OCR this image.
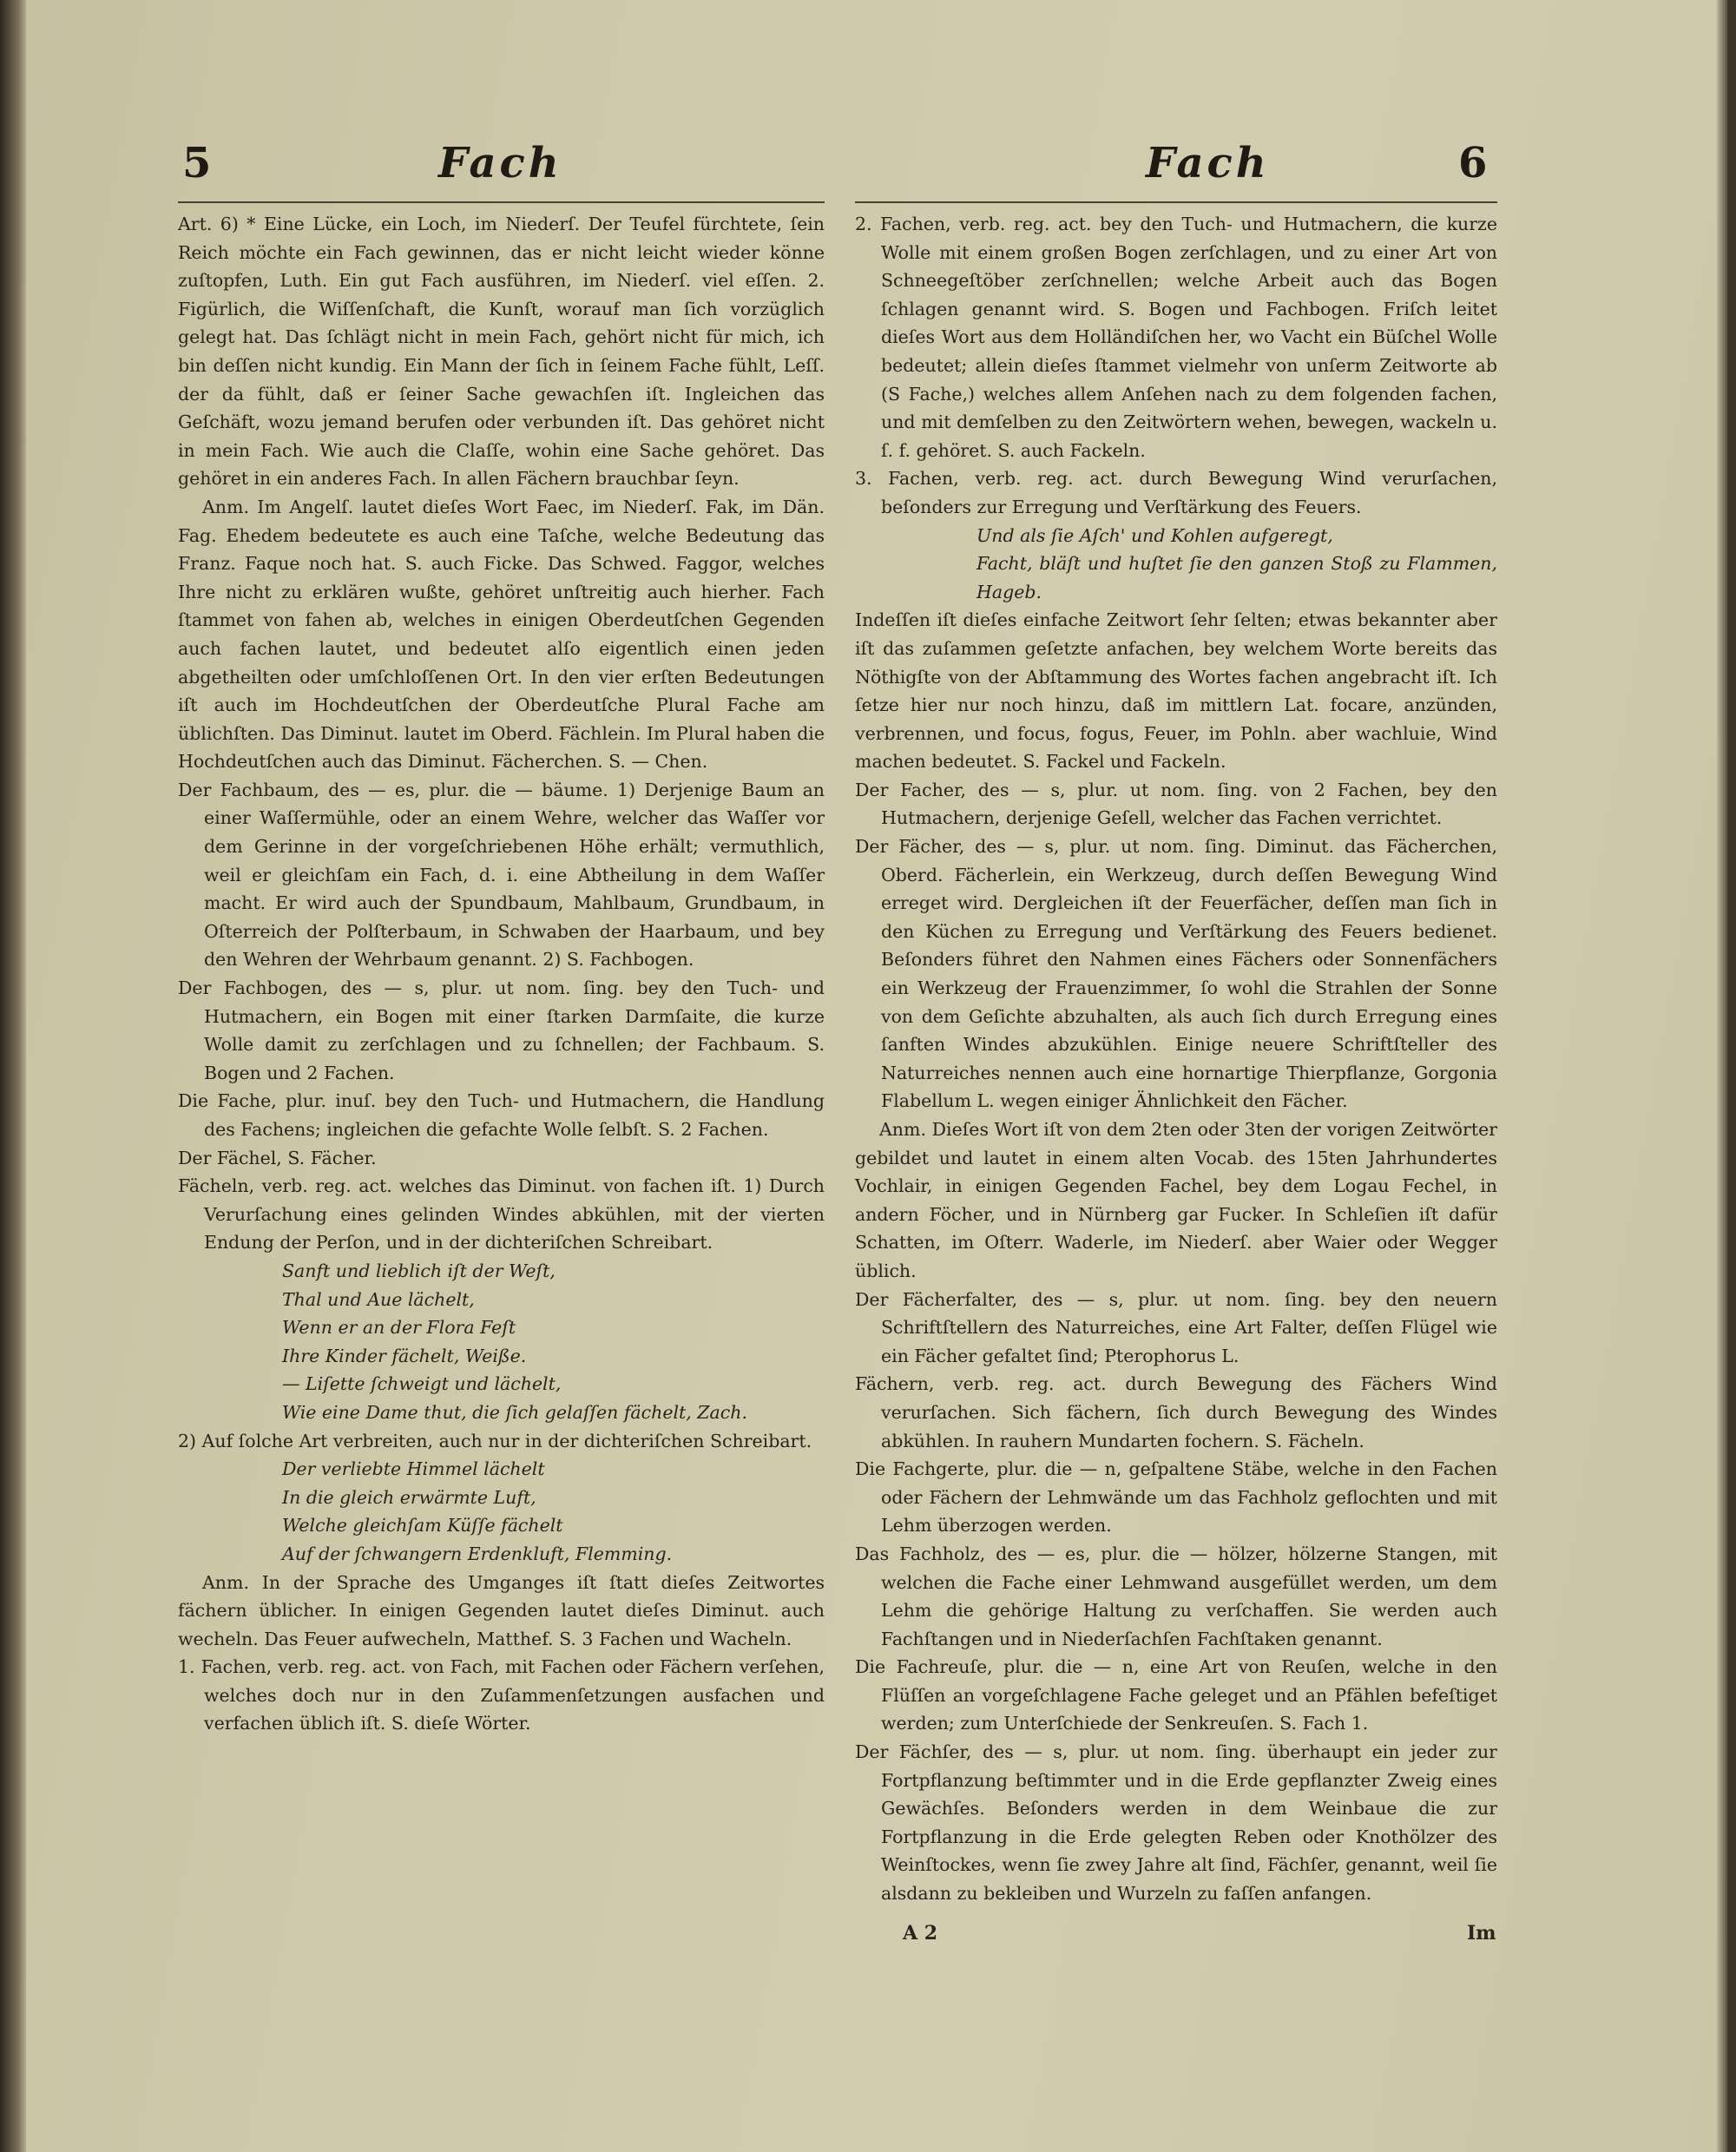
5	Fach	Fach	6

Art. 6) * Eine Lücke, ein Loch, im Niederſ. Der Teufel fürchtete, ſein Reich möchte ein Fach gewinnen, das er nicht leicht wieder könne zuſtopfen, Luth. Ein gut Fach ausführen, im Niederſ. viel eſſen. 2. Figürlich, die Wiſſenſchaft, die Kunſt, worauf man ſich vorzüglich gelegt hat. Das ſchlägt nicht in mein Fach, gehört nicht für mich, ich bin deſſen nicht kundig. Ein Mann der ſich in ſeinem Fache fühlt, Leſſ. der da fühlt, daß er ſeiner Sache gewachſen iſt. Ingleichen das Geſchäft, wozu jemand berufen oder verbunden iſt. Das gehöret nicht in mein Fach. Wie auch die Claſſe, wohin eine Sache gehöret. Das gehöret in ein anderes Fach. In allen Fächern brauchbar ſeyn.

Anm. Im Angelſ. lautet dieſes Wort Faec, im Niederſ. Fak, im Dän. Fag. Ehedem bedeutete es auch eine Taſche, welche Bedeutung das Franz. Faque noch hat. S. auch Ficke. Das Schwed. Faggor, welches Ihre nicht zu erklären wußte, gehöret unſtreitig auch hierher. Fach ſtammet von fahen ab, welches in einigen Oberdeutſchen Gegenden auch fachen lautet, und bedeutet alſo eigentlich einen jeden abgetheilten oder umſchloſſenen Ort. In den vier erſten Bedeutungen iſt auch im Hochdeutſchen der Oberdeutſche Plural Fache am üblichſten. Das Diminut. lautet im Oberd. Fächlein. Im Plural haben die Hochdeutſchen auch das Diminut. Fächerchen. S. — Chen.

Der Fachbaum, des — es, plur. die — bäume. 1) Derjenige Baum an einer Waſſermühle, oder an einem Wehre, welcher das Waſſer vor dem Gerinne in der vorgeſchriebenen Höhe erhält; vermuthlich, weil er gleichſam ein Fach, d. i. eine Abtheilung in dem Waſſer macht. Er wird auch der Spundbaum, Mahlbaum, Grundbaum, in Oſterreich der Polſterbaum, in Schwaben der Haarbaum, und bey den Wehren der Wehrbaum genannt. 2) S. Fachbogen.

Der Fachbogen, des — s, plur. ut nom. ſing. bey den Tuch- und Hutmachern, ein Bogen mit einer ſtarken Darmſaite, die kurze Wolle damit zu zerſchlagen und zu ſchnellen; der Fachbaum. S. Bogen und 2 Fachen.

Die Fache, plur. inuſ. bey den Tuch- und Hutmachern, die Handlung des Fachens; ingleichen die gefachte Wolle ſelbſt. S. 2 Fachen.

Der Fächel, S. Fächer.

Fächeln, verb. reg. act. welches das Diminut. von fachen iſt. 1) Durch Verurſachung eines gelinden Windes abkühlen, mit der vierten Endung der Perſon, und in der dichteriſchen Schreibart.

Sanft und lieblich iſt der Weſt,

Thal und Aue lächelt,

Wenn er an der Flora Feſt

Ihre Kinder fächelt, Weiße.

— Liſette ſchweigt und lächelt,

Wie eine Dame thut, die ſich gelaſſen fächelt, Zach.

2) Auf ſolche Art verbreiten, auch nur in der dichteriſchen Schreibart.

Der verliebte Himmel lächelt

In die gleich erwärmte Luft,

Welche gleichſam Küſſe fächelt

Auf der ſchwangern Erdenkluft, Flemming.

Anm. In der Sprache des Umganges iſt ſtatt dieſes Zeitwortes fächern üblicher. In einigen Gegenden lautet dieſes Diminut. auch wecheln. Das Feuer aufwecheln, Matthef. S. 3 Fachen und Wacheln.

1. Fachen, verb. reg. act. von Fach, mit Fachen oder Fächern verſehen, welches doch nur in den Zuſammenſetzungen ausfachen und verfachen üblich iſt. S. dieſe Wörter.

2. Fachen, verb. reg. act. bey den Tuch- und Hutmachern, die kurze Wolle mit einem großen Bogen zerſchlagen, und zu einer Art von Schneegeſtöber zerſchnellen; welche Arbeit auch das Bogen ſchlagen genannt wird. S. Bogen und Fachbogen. Friſch leitet dieſes Wort aus dem Holländiſchen her, wo Vacht ein Büſchel Wolle bedeutet; allein dieſes ſtammet vielmehr von unſerm Zeitworte ab (S Fache,) welches allem Anſehen nach zu dem folgenden fachen, und mit demſelben zu den Zeitwörtern wehen, bewegen, wackeln u. ſ. f. gehöret. S. auch Fackeln.

3. Fachen, verb. reg. act. durch Bewegung Wind verurſachen, beſonders zur Erregung und Verſtärkung des Feuers.

Und als ſie Aſch' und Kohlen aufgeregt,

Facht, bläſt und huſtet ſie den ganzen Stoß zu Flammen, Hageb.

Indeſſen iſt dieſes einfache Zeitwort ſehr ſelten; etwas bekannter aber iſt das zuſammen geſetzte anfachen, bey welchem Worte bereits das Nöthigſte von der Abſtammung des Wortes fachen angebracht iſt. Ich ſetze hier nur noch hinzu, daß im mittlern Lat. focare, anzünden, verbrennen, und focus, fogus, Feuer, im Pohln. aber wachluie, Wind machen bedeutet. S. Fackel und Fackeln.

Der Facher, des — s, plur. ut nom. ſing. von 2 Fachen, bey den Hutmachern, derjenige Geſell, welcher das Fachen verrichtet.

Der Fächer, des — s, plur. ut nom. ſing. Diminut. das Fächerchen, Oberd. Fächerlein, ein Werkzeug, durch deſſen Bewegung Wind erreget wird. Dergleichen iſt der Feuerfächer, deſſen man ſich in den Küchen zu Erregung und Verſtärkung des Feuers bedienet. Beſonders führet den Nahmen eines Fächers oder Sonnenfächers ein Werkzeug der Frauenzimmer, ſo wohl die Strahlen der Sonne von dem Geſichte abzuhalten, als auch ſich durch Erregung eines ſanften Windes abzukühlen. Einige neuere Schriftſteller des Naturreiches nennen auch eine hornartige Thierpflanze, Gorgonia Flabellum L. wegen einiger Ähnlichkeit den Fächer.

Anm. Dieſes Wort iſt von dem 2ten oder 3ten der vorigen Zeitwörter gebildet und lautet in einem alten Vocab. des 15ten Jahrhundertes Vochlair, in einigen Gegenden Fachel, bey dem Logau Fechel, in andern Föcher, und in Nürnberg gar Fucker. In Schleſien iſt dafür Schatten, im Oſterr. Waderle, im Niederſ. aber Waier oder Wegger üblich.

Der Fächerfalter, des — s, plur. ut nom. ſing. bey den neuern Schriftſtellern des Naturreiches, eine Art Falter, deſſen Flügel wie ein Fächer gefaltet ſind; Pterophorus L.

Fächern, verb. reg. act. durch Bewegung des Fächers Wind verurſachen. Sich fächern, ſich durch Bewegung des Windes abkühlen. In rauhern Mundarten fochern. S. Fächeln.

Die Fachgerte, plur. die — n, geſpaltene Stäbe, welche in den Fachen oder Fächern der Lehmwände um das Fachholz geflochten und mit Lehm überzogen werden.

Das Fachholz, des — es, plur. die — hölzer, hölzerne Stangen, mit welchen die Fache einer Lehmwand ausgefüllet werden, um dem Lehm die gehörige Haltung zu verſchaffen. Sie werden auch Fachſtangen und in Niederſachſen Fachſtaken genannt.

Die Fachreuſe, plur. die — n, eine Art von Reuſen, welche in den Flüſſen an vorgeſchlagene Fache geleget und an Pfählen befeſtiget werden; zum Unterſchiede der Senkreuſen. S. Fach 1.

Der Fächſer, des — s, plur. ut nom. ſing. überhaupt ein jeder zur Fortpflanzung beſtimmter und in die Erde gepflanzter Zweig eines Gewächſes. Beſonders werden in dem Weinbaue die zur Fortpflanzung in die Erde gelegten Reben oder Knothölzer des Weinſtockes, wenn ſie zwey Jahre alt ſind, Fächſer, genannt, weil ſie alsdann zu bekleiben und Wurzeln zu faſſen anfangen.

A 2	Im
